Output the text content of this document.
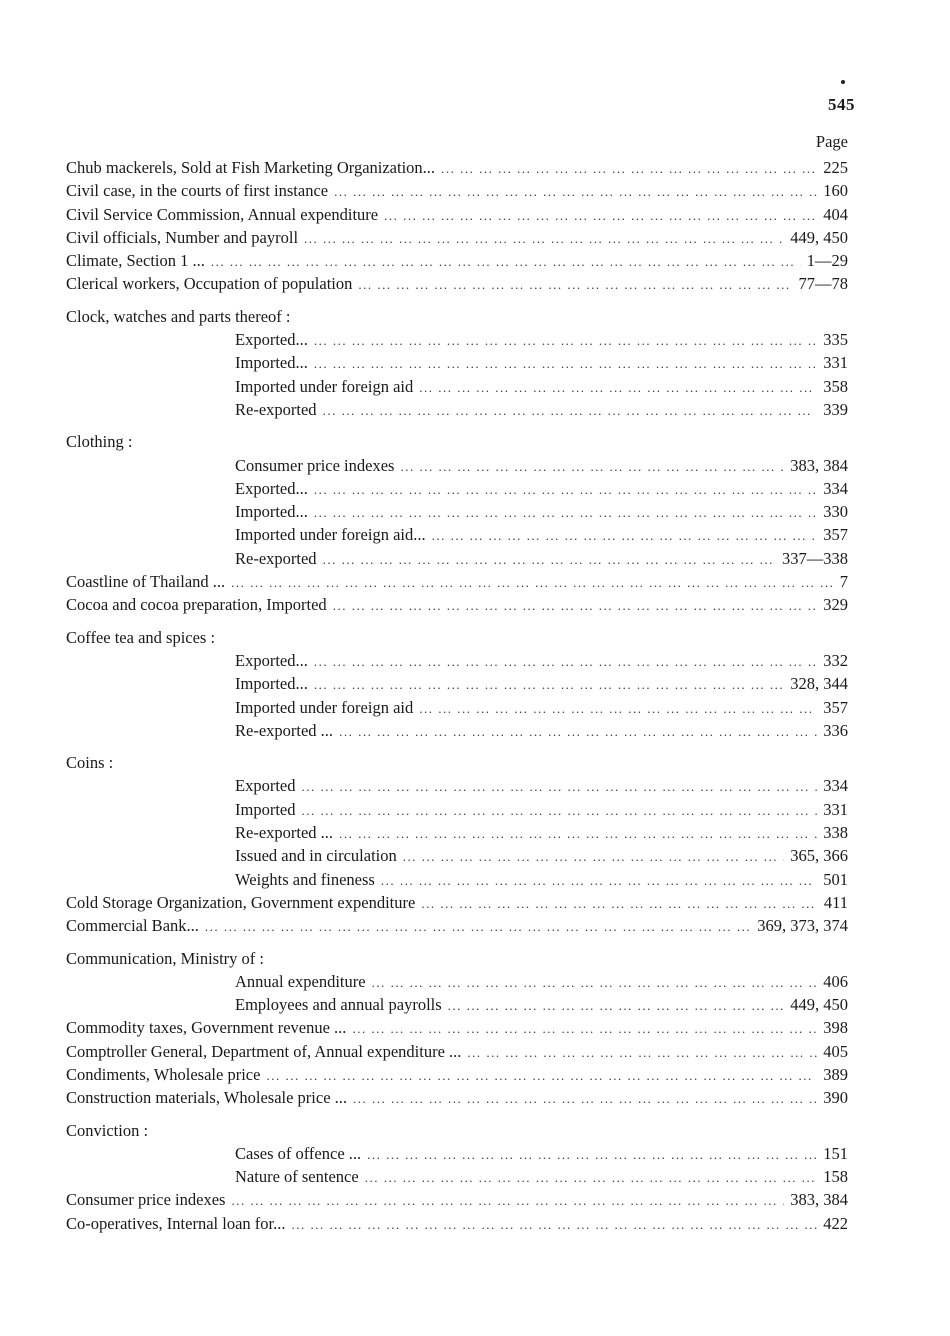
545
Page
Chub mackerels, Sold at Fish Marketing Organization... ... .	225
Civil case, in the courts of first instance ... .	160
Civil Service Commission, Annual expenditure ... .	404
Civil officials, Number and payroll ... .	449, 450
Climate, Section 1 ... ... .	1—29
Clerical workers, Occupation of population ... .	77—78
Clock, watches and parts thereof :
Exported... ... .	335
Imported... ... .	331
Imported under foreign aid ... .	358
Re-exported ... .	339
Clothing :
Consumer price indexes ... .	383, 384
Exported... ... .	334
Imported... ... .	330
Imported under foreign aid... ... .	357
Re-exported ... .	337—338
Coastline of Thailand ... ... .	7
Cocoa and cocoa preparation, Imported ... .	329
Coffee tea and spices :
Exported... ... .	332
Imported... ... .	328, 344
Imported under foreign aid ... .	357
Re-exported ... ... .	336
Coins :
Exported ... .	334
Imported ... .	331
Re-exported ... ... .	338
Issued and in circulation ... .	365, 366
Weights and fineness ... .	501
Cold Storage Organization, Government expenditure ... .	411
Commercial Bank... ... .	369, 373, 374
Communication, Ministry of :
Annual expenditure ... .	406
Employees and annual payrolls ... .	449, 450
Commodity taxes, Government revenue ... ... .	398
Comptroller General, Department of, Annual expenditure ... ... .	405
Condiments, Wholesale price ... .	389
Construction materials, Wholesale price ... ... .	390
Conviction :
Cases of offence ... ... .	151
Nature of sentence ... .	158
Consumer price indexes ... .	383, 384
Co-operatives, Internal loan for... ... .	422
